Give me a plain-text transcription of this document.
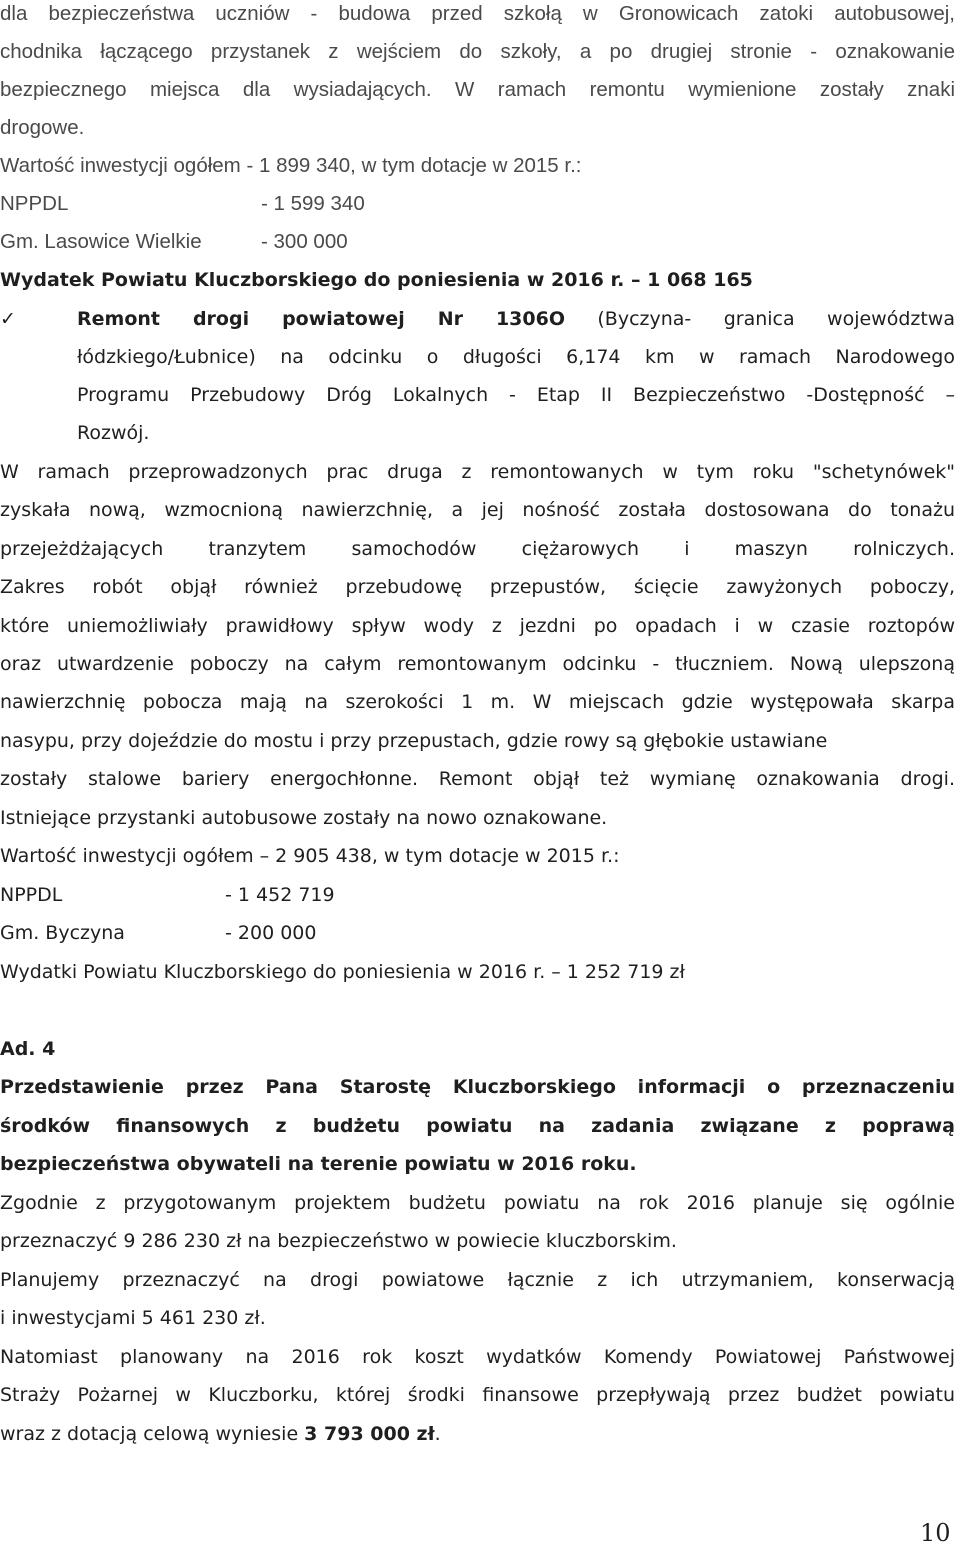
dla bezpieczeństwa uczniów - budowa przed szkołą w Gronowicach zatoki autobusowej,
chodnika łączącego przystanek z wejściem do szkoły, a po drugiej stronie - oznakowanie
bezpiecznego miejsca dla wysiadających. W ramach remontu wymienione zostały znaki
drogowe.
Wartość inwestycji ogółem - 1 899 340, w tym dotacje w 2015 r.:
NPPDL	- 1 599 340
Gm. Lasowice Wielkie	- 300 000
Wydatek Powiatu Kluczborskiego do poniesienia w 2016 r. – 1 068 165
✓	Remont drogi powiatowej Nr 1306O (Byczyna- granica województwa
łódzkiego/Łubnice) na odcinku o długości 6,174 km w ramach Narodowego
Programu Przebudowy Dróg Lokalnych - Etap II Bezpieczeństwo -Dostępność –
Rozwój.
W ramach przeprowadzonych prac druga z remontowanych w tym roku "schetynówek"
zyskała nową, wzmocnioną nawierzchnię, a jej nośność została dostosowana do tonażu
przejeżdżających tranzytem samochodów ciężarowych i maszyn rolniczych.
Zakres robót objął również przebudowę przepustów, ścięcie zawyżonych poboczy,
które uniemożliwiały prawidłowy spływ wody z jezdni po opadach i w czasie roztopów
oraz utwardzenie poboczy na całym remontowanym odcinku - tłuczniem. Nową ulepszoną
nawierzchnię pobocza mają na szerokości 1 m. W miejscach gdzie występowała skarpa
nasypu, przy dojeździe do mostu i przy przepustach, gdzie rowy są głębokie ustawiane
zostały stalowe bariery energochłonne. Remont objął też wymianę oznakowania drogi.
Istniejące przystanki autobusowe zostały na nowo oznakowane.
Wartość inwestycji ogółem – 2 905 438, w tym dotacje w 2015 r.:
NPPDL	- 1 452 719
Gm. Byczyna	- 200 000
Wydatki Powiatu Kluczborskiego do poniesienia w 2016 r. – 1 252 719 zł
Ad. 4
Przedstawienie przez Pana Starostę Kluczborskiego informacji o przeznaczeniu
środków finansowych z budżetu powiatu na zadania związane z poprawą
bezpieczeństwa obywateli na terenie powiatu w 2016 roku.
Zgodnie z przygotowanym projektem budżetu powiatu na rok 2016 planuje się ogólnie
przeznaczyć 9 286 230 zł na bezpieczeństwo w powiecie kluczborskim.
Planujemy przeznaczyć na drogi powiatowe łącznie z ich utrzymaniem, konserwacją
i inwestycjami 5 461 230 zł.
Natomiast planowany na 2016 rok koszt wydatków Komendy Powiatowej Państwowej
Straży Pożarnej w Kluczborku, której środki finansowe przepływają przez budżet powiatu
wraz z dotacją celową wyniesie 3 793 000 zł.
10
